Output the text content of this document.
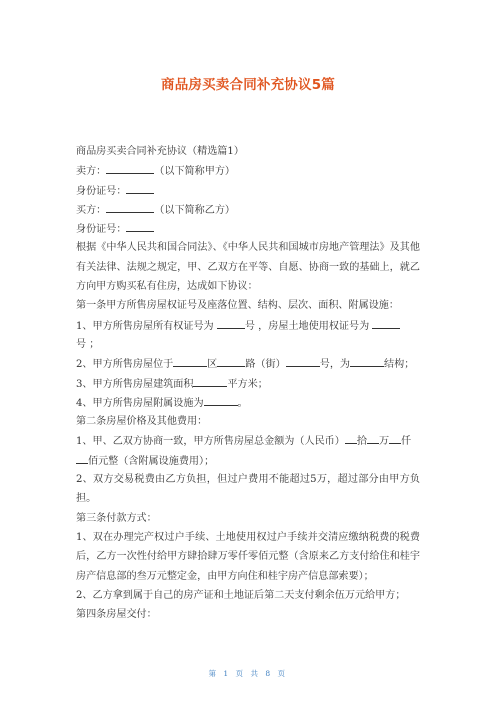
商品房买卖合同补充协议5篇
商品房买卖合同补充协议（精选篇1）
卖方：	（以下简称甲方）
身份证号：
买方：	（以下简称乙方）
身份证号：
根据《中华人民共和国合同法》、《中华人民共和国城市房地产管理法》及其他有关法律、法规之规定，甲、乙双方在平等、自愿、协商一致的基础上，就乙方向甲方购买私有住房，达成如下协议：
第一条甲方所售房屋权证号及座落位置、结构、层次、面积、附属设施：
1、甲方所售房屋所有权证号为	号 ，房屋土地使用权证号为
号 ；
2、甲方所售房屋位于	区	路（街）	号，为	结构；
3、甲方所售房屋建筑面积	平方米；
4、甲方所售房屋附属设施为	。
第二条房屋价格及其他费用：
1、甲、乙双方协商一致，甲方所售房屋总金额为（人民币） 拾 万 仟
佰元整（含附属设施费用）；
2、双方交易税费由乙方负担，但过户费用不能超过5万，超过部分由甲方负担。
第三条付款方式：
1、双在办理完产权过户手续、土地使用权过户手续并交清应缴纳税费的税费后，乙方一次性付给甲方肆拾肆万零仟零佰元整（含原来乙方支付给住和桂宇房产信息部的叁万元整定金，由甲方向住和桂宇房产信息部索要）；
2、乙方拿到属于自己的房产证和土地证后第二天支付剩余伍万元给甲方；
第四条房屋交付：
第 1 页 共 8 页
